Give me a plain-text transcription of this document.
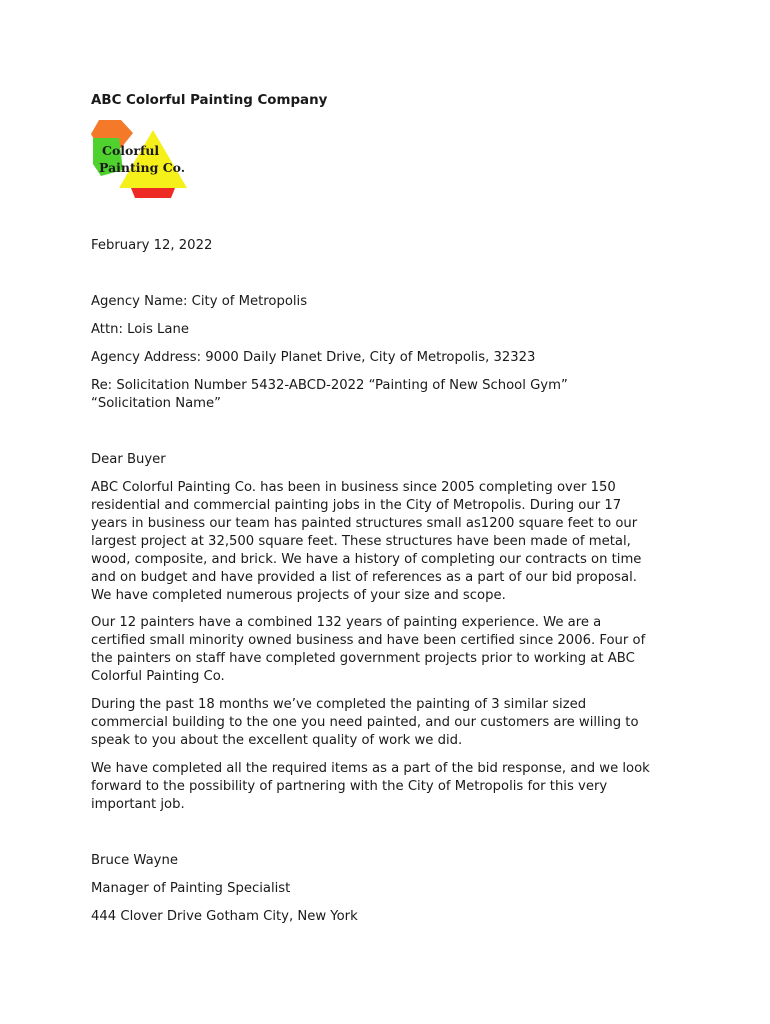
ABC Colorful Painting Company
Colorful
Painting Co.
February 12, 2022
Agency Name: City of Metropolis
Attn: Lois Lane
Agency Address: 9000 Daily Planet Drive, City of Metropolis, 32323
Re: Solicitation Number 5432-ABCD-2022 “Painting of New School Gym”
“Solicitation Name”
Dear Buyer
ABC Colorful Painting Co. has been in business since 2005 completing over 150
residential and commercial painting jobs in the City of Metropolis. During our 17
years in business our team has painted structures small as1200 square feet to our
largest project at 32,500 square feet. These structures have been made of metal,
wood, composite, and brick. We have a history of completing our contracts on time
and on budget and have provided a list of references as a part of our bid proposal.
We have completed numerous projects of your size and scope.
Our 12 painters have a combined 132 years of painting experience. We are a
certified small minority owned business and have been certified since 2006. Four of
the painters on staff have completed government projects prior to working at ABC
Colorful Painting Co.
During the past 18 months we’ve completed the painting of 3 similar sized
commercial building to the one you need painted, and our customers are willing to
speak to you about the excellent quality of work we did.
We have completed all the required items as a part of the bid response, and we look
forward to the possibility of partnering with the City of Metropolis for this very
important job.
Bruce Wayne
Manager of Painting Specialist
444 Clover Drive Gotham City, New York
